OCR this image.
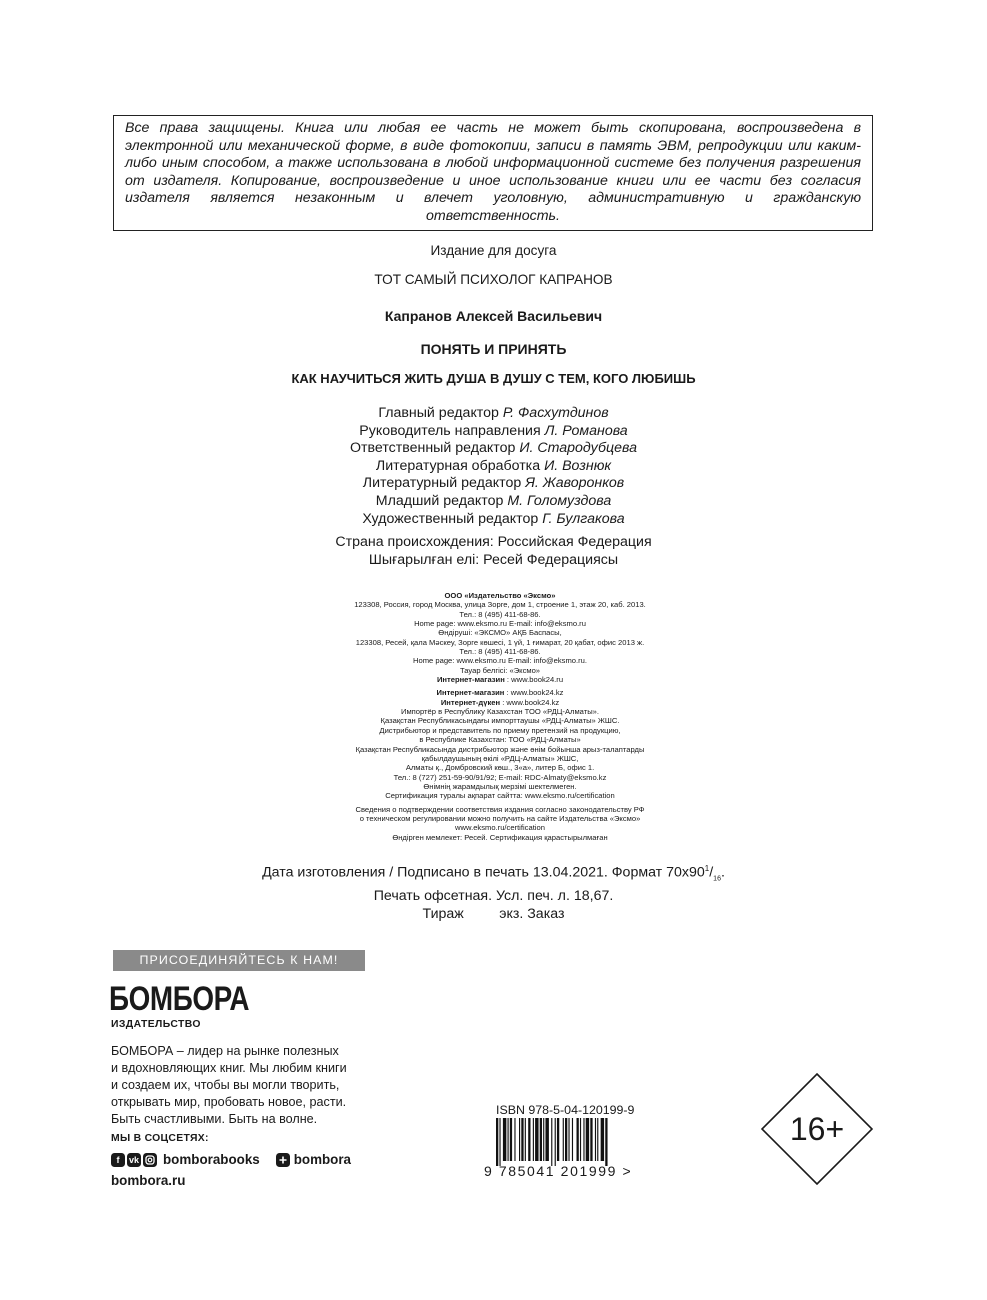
Все права защищены. Книга или любая ее часть не может быть скопирована, воспроизведена в электронной или механической форме, в виде фотокопии, записи в память ЭВМ, репродукции или каким-либо иным способом, а также использована в любой информационной системе без получения разрешения от издателя. Копирование, воспроизведение и иное использование книги или ее части без согласия издателя является незаконным и влечет уголовную, административную и гражданскую ответственность.
Издание для досуга
ТОТ САМЫЙ ПСИХОЛОГ КАПРАНОВ
Капранов Алексей Васильевич
ПОНЯТЬ И ПРИНЯТЬ
КАК НАУЧИТЬСЯ ЖИТЬ ДУША В ДУШУ С ТЕМ, КОГО ЛЮБИШЬ
Главный редактор Р. Фасхутдинов
Руководитель направления Л. Романова
Ответственный редактор И. Стародубцева
Литературная обработка И. Вознюк
Литературный редактор Я. Жаворонков
Младший редактор М. Голомуздова
Художественный редактор Г. Булгакова
Страна происхождения: Российская Федерация
Шығарылған елі: Ресей Федерациясы
ООО «Издательство «Эксмо»
123308, Россия, город Москва, улица Зорге, дом 1, строение 1, этаж 20, каб. 2013.
Тел.: 8 (495) 411-68-86.
Home page: www.eksmo.ru E-mail: info@eksmo.ru
Өндіруші: «ЭКСМО» АҚБ Баспасы,
123308, Ресей, қала Мәскеу, Зорге көшесі, 1 үй, 1 ғимарат, 20 қабат, офис 2013 ж.
Тел.: 8 (495) 411-68-86.
Home page: www.eksmo.ru E-mail: info@eksmo.ru.
Тауар белгісі: «Эксмо»
Интернет-магазин : www.book24.ru
Интернет-магазин : www.book24.kz
Интернет-дүкен : www.book24.kz
Импортёр в Республику Казахстан ТОО «РДЦ-Алматы».
Қазақстан Республикасындағы импорттаушы «РДЦ-Алматы» ЖШС.
Дистрибьютор и представитель по приему претензий на продукцию,
в Республике Казахстан: ТОО «РДЦ-Алматы»
Қазақстан Республикасында дистрибьютор және өнім бойынша арыз-талаптарды
қабылдаушының өкілі «РДЦ-Алматы» ЖШС,
Алматы қ., Домбровский көш., 3«а», литер Б, офис 1.
Тел.: 8 (727) 251-59-90/91/92; E-mail: RDC-Almaty@eksmo.kz
Өнімнің жарамдылық мерзімі шектелмеген.
Сертификация туралы ақпарат сайтта: www.eksmo.ru/certification
Сведения о подтверждении соответствия издания согласно законодательству РФ
о техническом регулировании можно получить на сайте Издательства «Эксмо»
www.eksmo.ru/certification
Өндірген мемлекет: Ресей. Сертификация қарастырылмаған
Дата изготовления / Подписано в печать 13.04.2021. Формат $70х90^1/_{16}$.
Печать офсетная. Усл. печ. л. 18,67.
Тираж         экз. Заказ
ПРИСОЕДИНЯЙТЕСЬ К НАМ!
БОМБОРА
ИЗДАТЕЛЬСТВО
БОМБОРА – лидер на рынке полезных
и вдохновляющих книг. Мы любим книги
и создаем их, чтобы вы могли творить,
открывать мир, пробовать новое, расти.
Быть счастливыми. Быть на волне.
МЫ В СОЦСЕТЯХ:
f	vk bomborabooks	bombora
bombora.ru
ISBN 978-5-04-120199-9
9 785041 201999 >
16+
